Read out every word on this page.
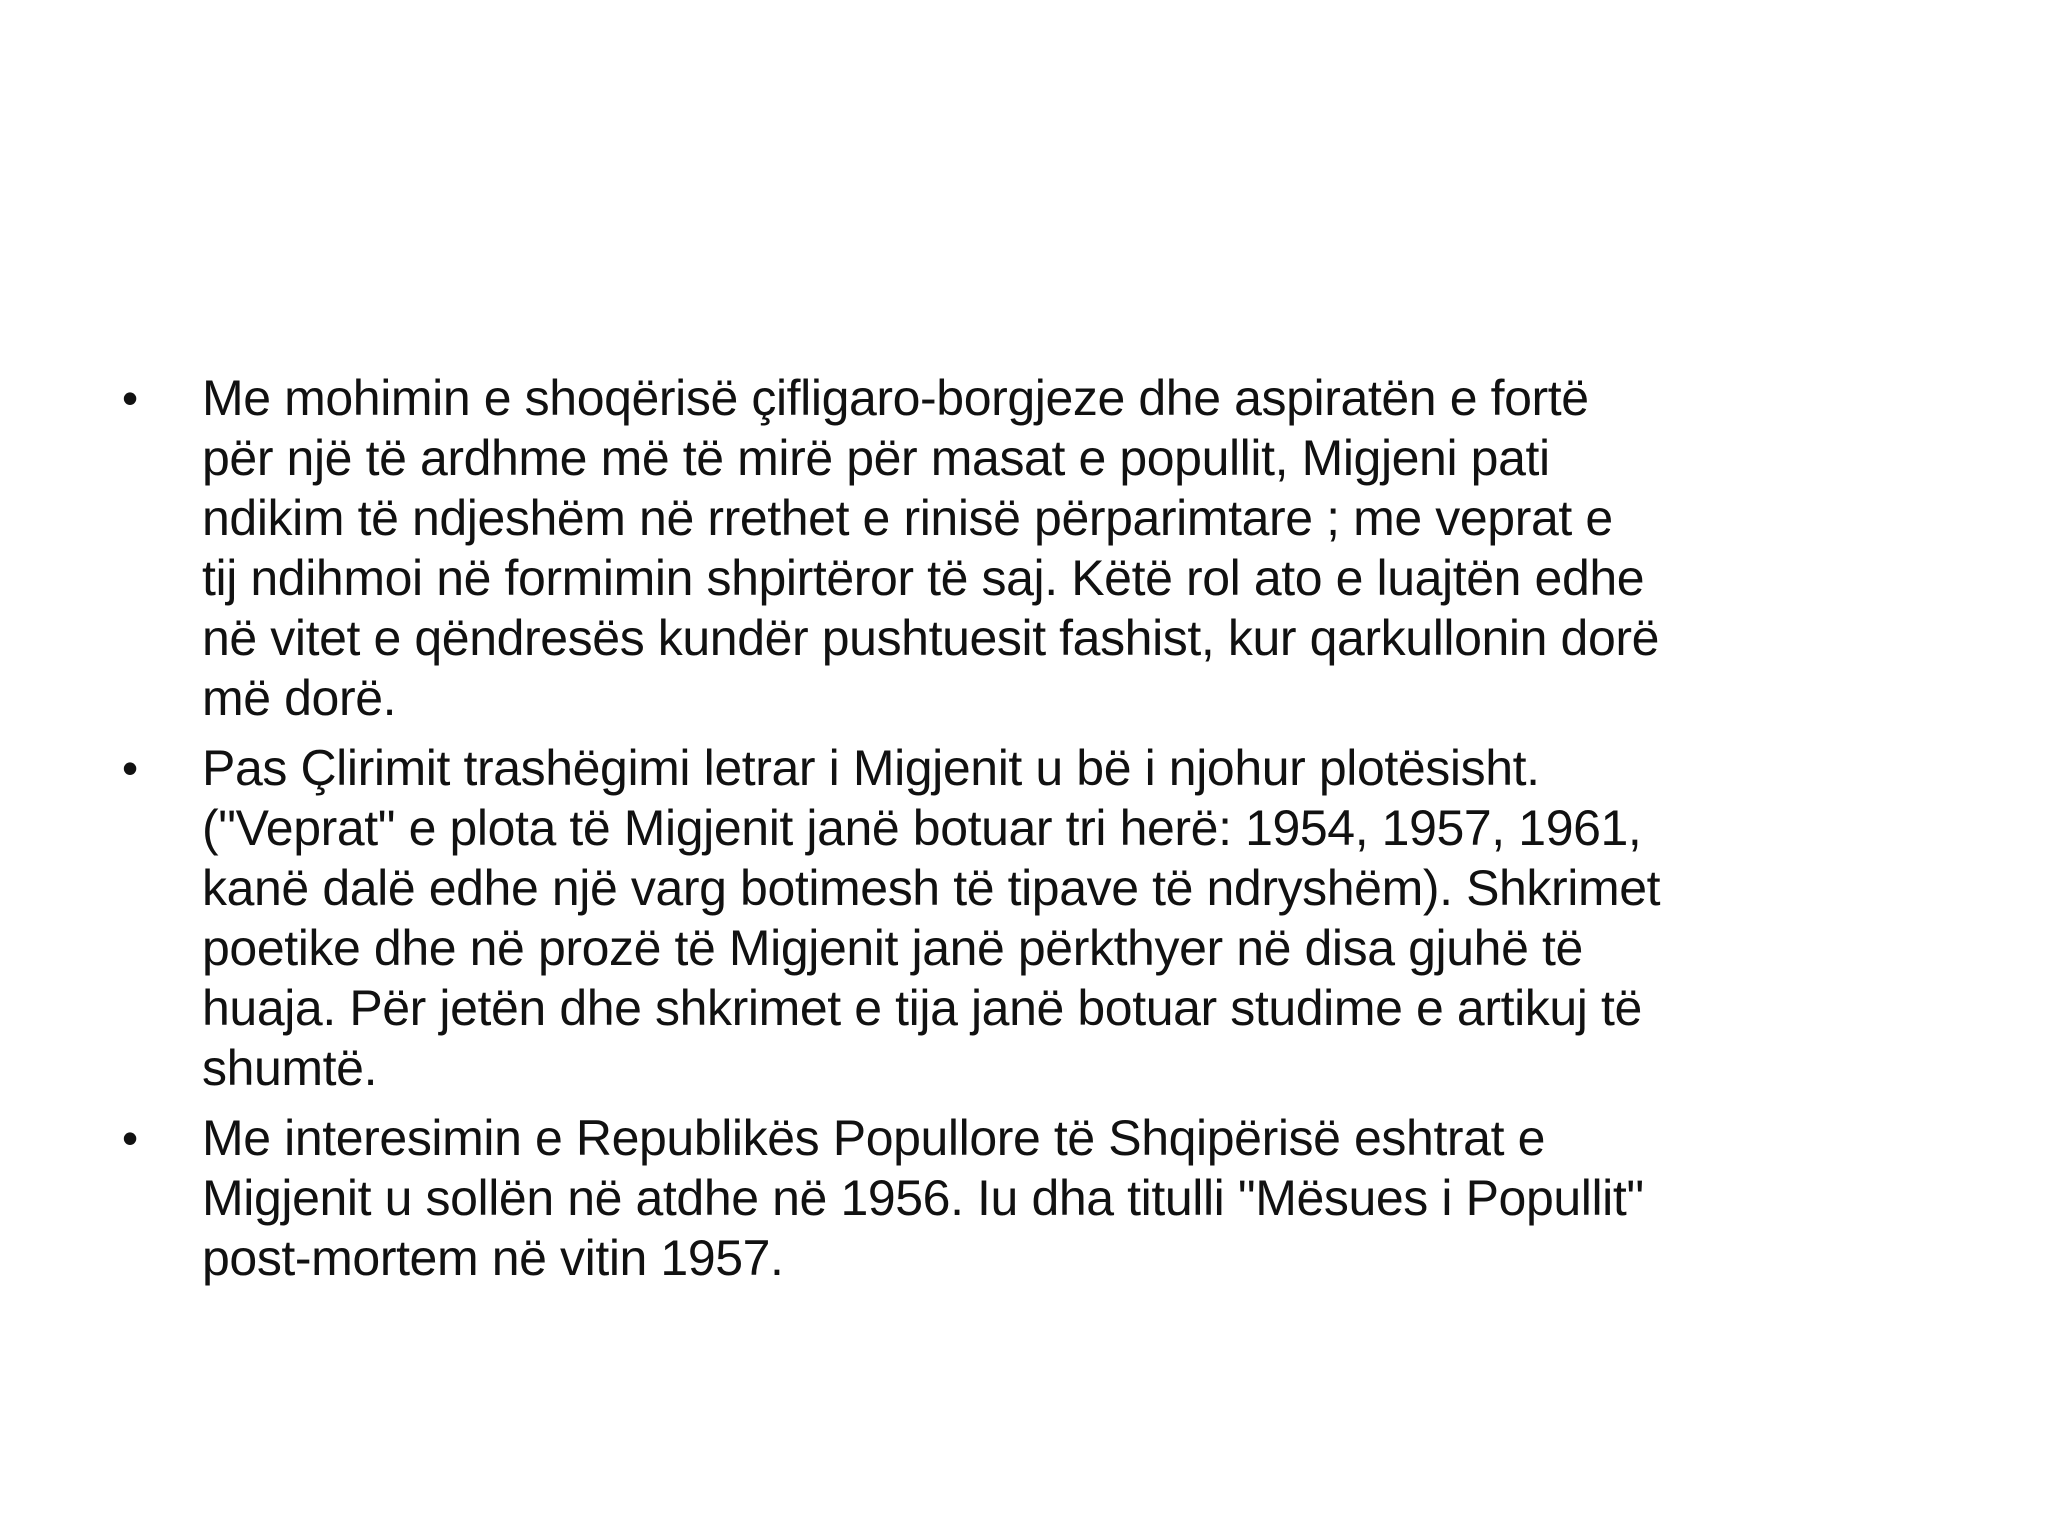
•	Me mohimin e shoqërisë çifligaro-borgjeze dhe aspiratën e fortë
për një të ardhme më të mirë për masat e popullit, Migjeni pati
ndikim të ndjeshëm në rrethet e rinisë përparimtare ; me veprat e
tij ndihmoi në formimin shpirtëror të saj. Këtë rol ato e luajtën edhe
në vitet e qëndresës kundër pushtuesit fashist, kur qarkullonin dorë
më dorë.
•	Pas Çlirimit trashëgimi letrar i Migjenit u bë i njohur plotësisht.
("Veprat" e plota të Migjenit janë botuar tri herë: 1954, 1957, 1961,
kanë dalë edhe një varg botimesh të tipave të ndryshëm). Shkrimet
poetike dhe në prozë të Migjenit janë përkthyer në disa gjuhë të
huaja. Për jetën dhe shkrimet e tija janë botuar studime e artikuj të
shumtë.
•	Me interesimin e Republikës Popullore të Shqipërisë eshtrat e
Migjenit u sollën në atdhe në 1956. Iu dha titulli "Mësues i Popullit"
post-mortem në vitin 1957.
